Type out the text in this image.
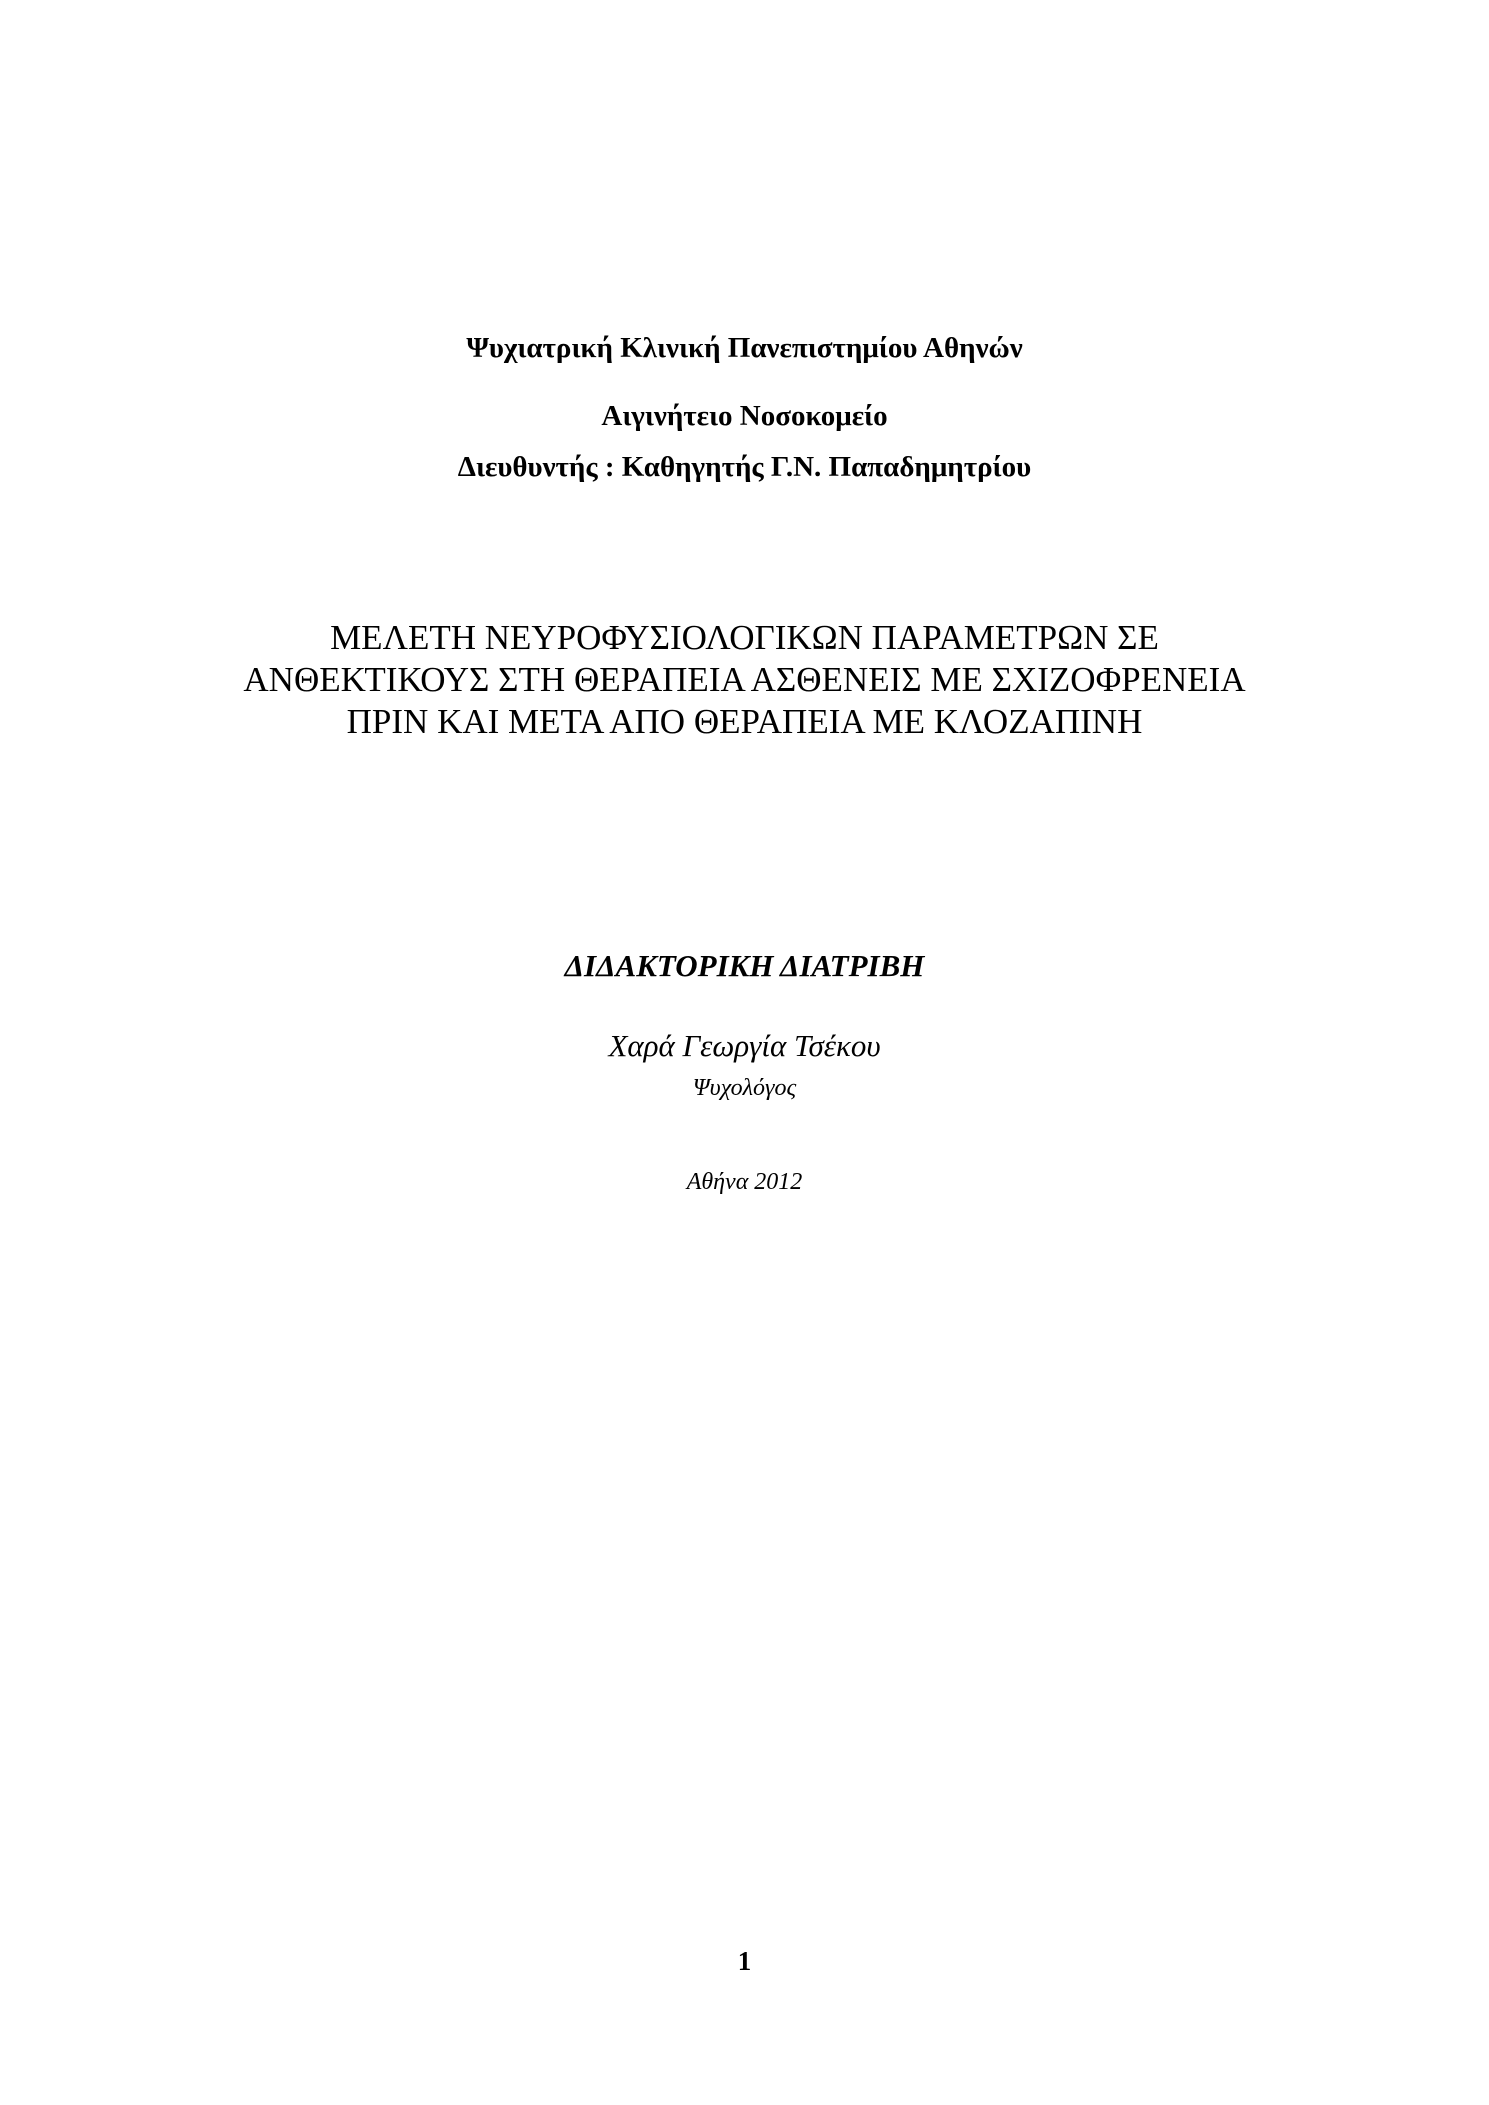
Ψυχιατρική Κλινική Πανεπιστημίου Αθηνών
Αιγινήτειο Νοσοκομείο
Διευθυντής : Καθηγητής Γ.Ν. Παπαδημητρίου
ΜΕΛΕΤΗ ΝΕΥΡΟΦΥΣΙΟΛΟΓΙΚΩΝ ΠΑΡΑΜΕΤΡΩΝ ΣΕ
ΑΝΘΕΚΤΙΚΟΥΣ ΣΤΗ ΘΕΡΑΠΕΙΑ ΑΣΘΕΝΕΙΣ ΜΕ ΣΧΙΖΟΦΡΕΝΕΙΑ
ΠΡΙΝ ΚΑΙ ΜΕΤΑ ΑΠΟ ΘΕΡΑΠΕΙΑ ΜΕ ΚΛΟΖΑΠΙΝΗ
ΔΙΔΑΚΤΟΡΙΚΗ ΔΙΑΤΡΙΒΗ
Χαρά Γεωργία Τσέκου
Ψυχολόγος
Αθήνα 2012
1
